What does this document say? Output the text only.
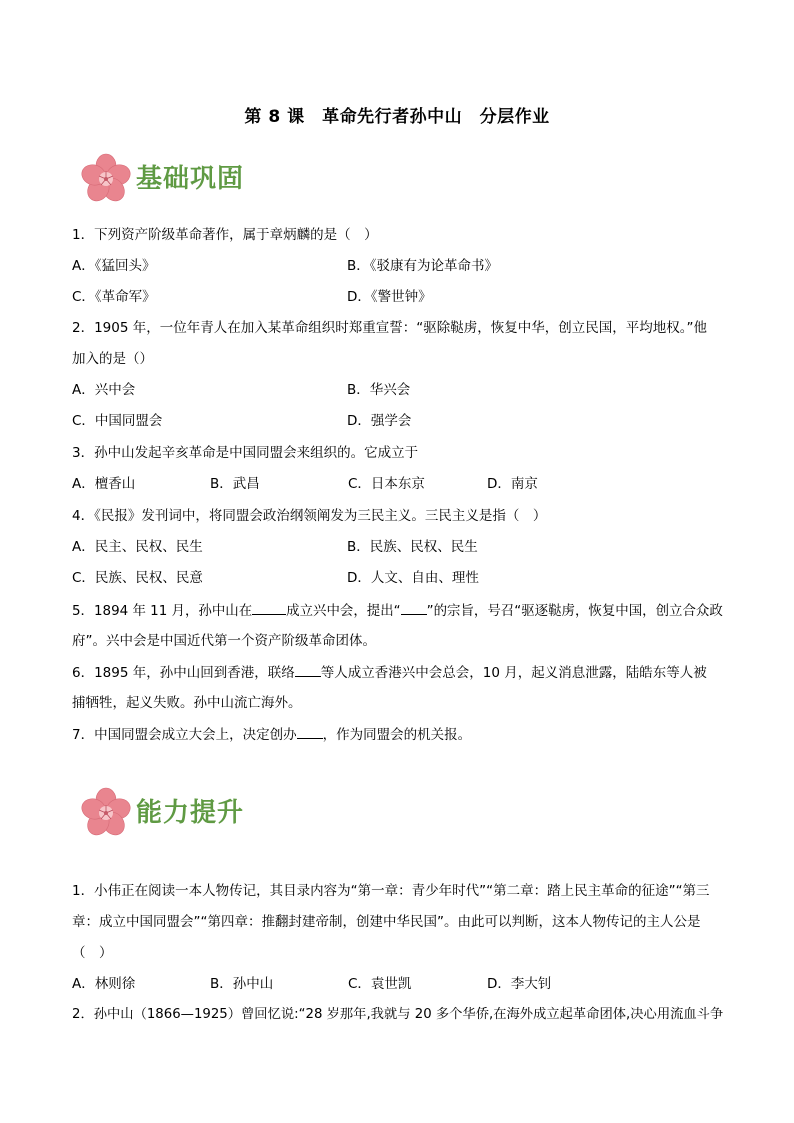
第 8 课　革命先行者孙中山　分层作业
基础巩固
1．下列资产阶级革命著作，属于章炳麟的是（　）
A．《猛回头》	B．《驳康有为论革命书》
C．《革命军》	D．《警世钟》
2．1905 年，一位年青人在加入某革命组织时郑重宣誓：“驱除鞑虏，恢复中华，创立民国，平均地权。”他
加入的是（）
A．兴中会	B．华兴会
C．中国同盟会	D．强学会
3．孙中山发起辛亥革命是中国同盟会来组织的。它成立于
A．檀香山	B．武昌	C．日本东京	D．南京
4．《民报》发刊词中，将同盟会政治纲领阐发为三民主义。三民主义是指（　）
A．民主、民权、民生	B．民族、民权、民生
C．民族、民权、民意	D．人文、自由、理性
5．1894 年 11 月，孙中山在	成立兴中会，提出“ ”的宗旨，号召“驱逐鞑虏，恢复中国，创立合众政
府”。兴中会是中国近代第一个资产阶级革命团体。
6．1895 年，孙中山回到香港，联络 等人成立香港兴中会总会，10 月，起义消息泄露，陆皓东等人被
捕牺牲，起义失败。孙中山流亡海外。
7．中国同盟会成立大会上，决定创办 ，作为同盟会的机关报。
能力提升
1．小伟正在阅读一本人物传记，其目录内容为“第一章：青少年时代”“第二章：踏上民主革命的征途”“第三
章：成立中国同盟会”“第四章：推翻封建帝制，创建中华民国”。由此可以判断，这本人物传记的主人公是
（　）
A．林则徐	B．孙中山	C．袁世凯	D．李大钊
2．孙中山（1866—1925）曾回忆说:“28 岁那年,我就与 20 多个华侨,在海外成立起革命团体,决心用流血斗争
